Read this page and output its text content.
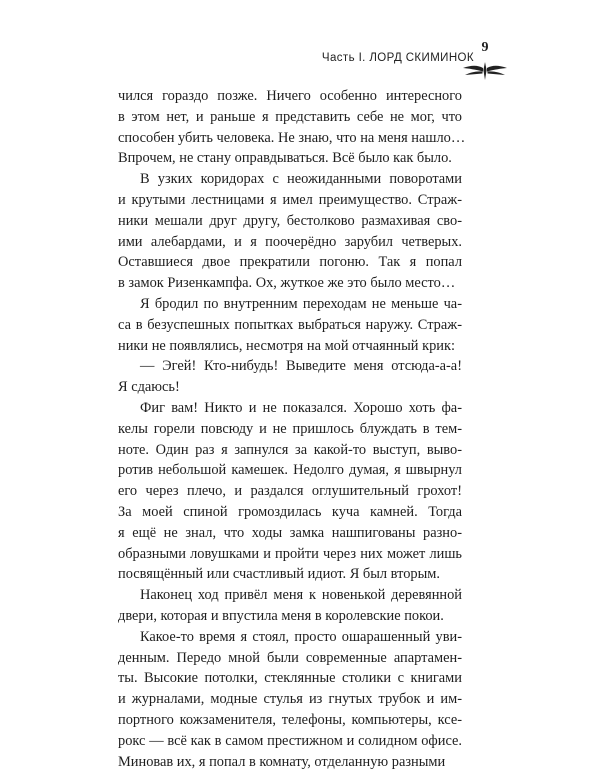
Часть I. ЛОРД СКИМИНОК
9
чился гораздо позже. Ничего особенно интересного
в этом нет, и раньше я представить себе не мог, что
способен убить человека. Не знаю, что на меня нашло…
Впрочем, не стану оправдываться. Всё было как было.
В узких коридорах с неожиданными поворотами
и крутыми лестницами я имел преимущество. Страж-
ники мешали друг другу, бестолково размахивая сво-
ими алебардами, и я поочерёдно зарубил четверых.
Оставшиеся двое прекратили погоню. Так я попал
в замок Ризенкампфа. Ох, жуткое же это было место…
Я бродил по внутренним переходам не меньше ча-
са в безуспешных попытках выбраться наружу. Страж-
ники не появлялись, несмотря на мой отчаянный крик:
— Эгей! Кто-нибудь! Выведите меня отсюда-а-а!
Я сдаюсь!
Фиг вам! Никто и не показался. Хорошо хоть фа-
келы горели повсюду и не пришлось блуждать в тем-
ноте. Один раз я запнулся за какой-то выступ, выво-
ротив небольшой камешек. Недолго думая, я швырнул
его через плечо, и раздался оглушительный грохот!
За моей спиной громоздилась куча камней. Тогда
я ещё не знал, что ходы замка нашпигованы разно-
образными ловушками и пройти через них может лишь
посвящённый или счастливый идиот. Я был вторым.
Наконец ход привёл меня к новенькой деревянной
двери, которая и впустила меня в королевские покои.
Какое-то время я стоял, просто ошарашенный уви-
денным. Передо мной были современные апартамен-
ты. Высокие потолки, стеклянные столики с книгами
и журналами, модные стулья из гнутых трубок и им-
портного кожзаменителя, телефоны, компьютеры, ксе-
рокс — всё как в самом престижном и солидном офисе.
Миновав их, я попал в комнату, отделанную разными
